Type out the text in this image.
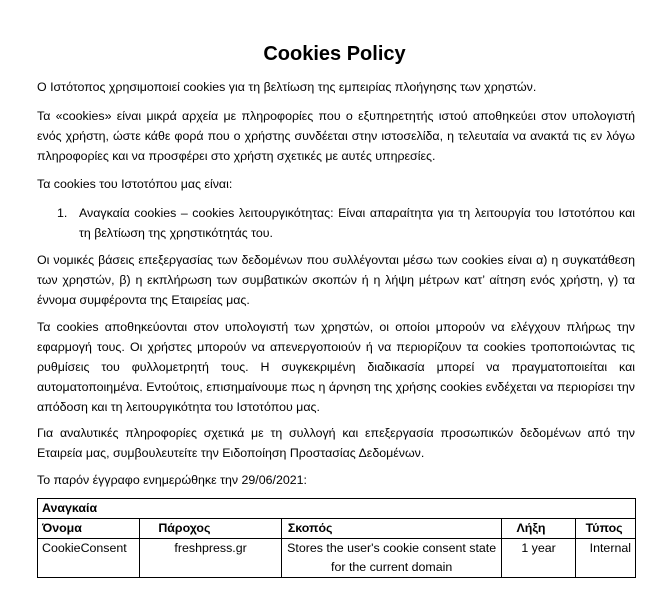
Cookies Policy
Ο Ιστότοπος χρησιμοποιεί cookies για τη βελτίωση της εμπειρίας πλοήγησης των χρηστών.
Τα «cookies» είναι μικρά αρχεία με πληροφορίες που ο εξυπηρετητής ιστού αποθηκεύει στον υπολογιστή ενός χρήστη, ώστε κάθε φορά που ο χρήστης συνδέεται στην ιστοσελίδα, η τελευταία να ανακτά τις εν λόγω πληροφορίες και να προσφέρει στο χρήστη σχετικές με αυτές υπηρεσίες.
Τα cookies του Ιστοτόπου μας είναι:
1. Αναγκαία cookies – cookies λειτουργικότητας: Είναι απαραίτητα για τη λειτουργία του Ιστοτόπου και τη βελτίωση της χρηστικότητάς του.
Οι νομικές βάσεις επεξεργασίας των δεδομένων που συλλέγονται μέσω των cookies είναι α) η συγκατάθεση των χρηστών, β) η εκπλήρωση των συμβατικών σκοπών ή η λήψη μέτρων κατ’ αίτηση ενός χρήστη, γ) τα έννομα συμφέροντα της Εταιρείας μας.
Τα cookies αποθηκεύονται στον υπολογιστή των χρηστών, οι οποίοι μπορούν να ελέγχουν πλήρως την εφαρμογή τους. Οι χρήστες μπορούν να απενεργοποιούν ή να περιορίζουν τα cookies τροποποιώντας τις ρυθμίσεις του φυλλομετρητή τους. Η συγκεκριμένη διαδικασία μπορεί να πραγματοποιείται και αυτοματοποιημένα. Εντούτοις, επισημαίνουμε πως η άρνηση της χρήσης cookies ενδέχεται να περιορίσει την απόδοση και τη λειτουργικότητα του Ιστοτόπου μας.
Για αναλυτικές πληροφορίες σχετικά με τη συλλογή και επεξεργασία προσωπικών δεδομένων από την Εταιρεία μας, συμβουλευτείτε την Ειδοποίηση Προστασίας Δεδομένων.
Το παρόν έγγραφο ενημερώθηκε την 29/06/2021:
Αναγκαία				
Όνομα	Πάροχος	Σκοπός	Λήξη	Τύπος
CookieConsent	freshpress.gr	Stores the user's cookie consent state for the current domain	1 year	Internal
